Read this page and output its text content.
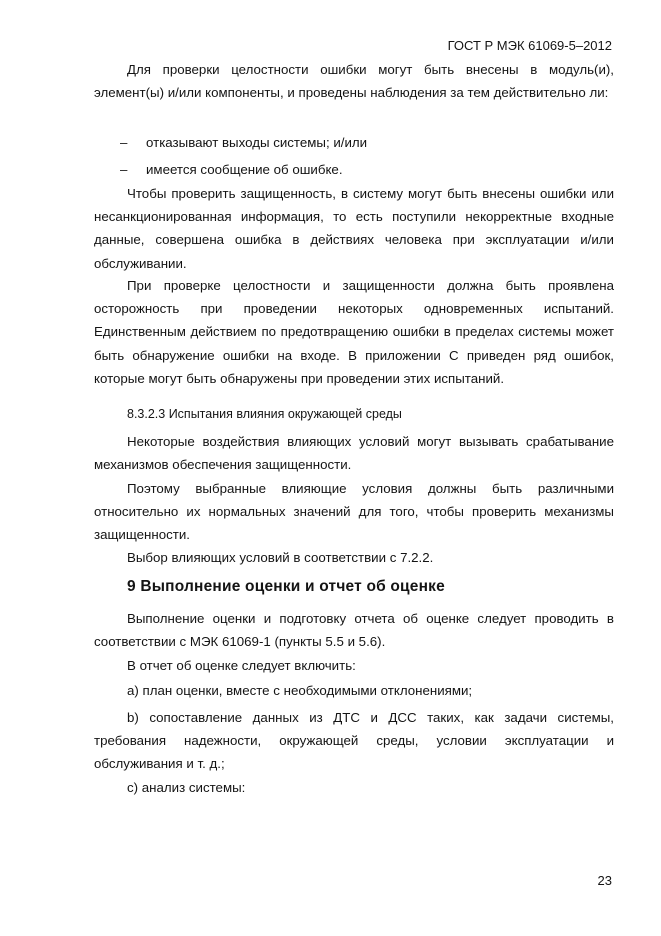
ГОСТ Р МЭК 61069-5–2012

Для проверки целостности ошибки могут быть внесены в модуль(и), элемент(ы) и/или компоненты, и проведены наблюдения за тем действительно ли:

– отказывают выходы системы; и/или
– имеется сообщение об ошибке.

Чтобы проверить защищенность, в систему могут быть внесены ошибки или несанкционированная информация, то есть поступили некорректные входные данные, совершена ошибка в действиях человека при эксплуатации и/или обслуживании.

При проверке целостности и защищенности должна быть проявлена осторожность при проведении некоторых одновременных испытаний. Единственным действием по предотвращению ошибки в пределах системы может быть обнаружение ошибки на входе. В приложении С приведен ряд ошибок, которые могут быть обнаружены при проведении этих испытаний.

8.3.2.3 Испытания влияния окружающей среды

Некоторые воздействия влияющих условий могут вызывать срабатывание механизмов обеспечения защищенности.

Поэтому выбранные влияющие условия должны быть различными относительно их нормальных значений для того, чтобы проверить механизмы защищенности.

Выбор влияющих условий в соответствии с 7.2.2.

9 Выполнение оценки и отчет об оценке

Выполнение оценки и подготовку отчета об оценке следует проводить в соответствии с МЭК 61069-1 (пункты 5.5 и 5.6).

В отчет об оценке следует включить:

a) план оценки, вместе с необходимыми отклонениями;

b) сопоставление данных из ДТС и ДСС таких, как задачи системы, требования надежности, окружающей среды, условии эксплуатации и обслуживания и т. д.;

c) анализ системы:

23
